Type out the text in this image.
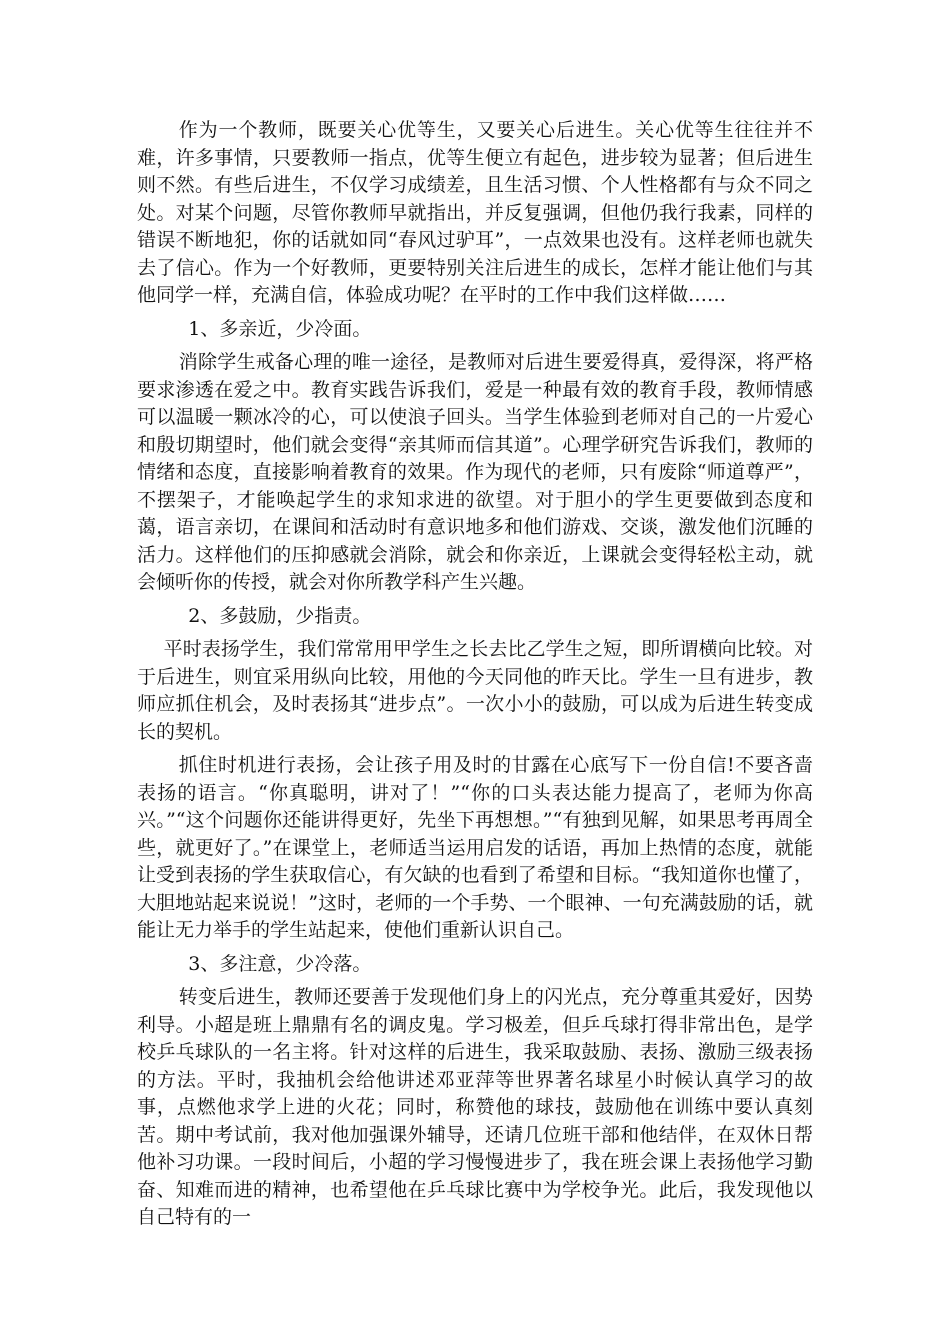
作为一个教师，既要关心优等生，又要关心后进生。关心优等生往往并不难，许多事情，只要教师一指点，优等生便立有起色，进步较为显著；但后进生则不然。有些后进生，不仅学习成绩差，且生活习惯、个人性格都有与众不同之处。对某个问题，尽管你教师早就指出，并反复强调，但他仍我行我素，同样的错误不断地犯，你的话就如同“春风过驴耳”，一点效果也没有。这样老师也就失去了信心。作为一个好教师，更要特别关注后进生的成长，怎样才能让他们与其他同学一样，充满自信，体验成功呢？在平时的工作中我们这样做……

1、多亲近，少冷面。

消除学生戒备心理的唯一途径，是教师对后进生要爱得真，爱得深，将严格要求渗透在爱之中。教育实践告诉我们，爱是一种最有效的教育手段，教师情感可以温暖一颗冰冷的心，可以使浪子回头。当学生体验到老师对自己的一片爱心和殷切期望时，他们就会变得“亲其师而信其道”。心理学研究告诉我们，教师的情绪和态度，直接影响着教育的效果。作为现代的老师，只有废除“师道尊严”，不摆架子，才能唤起学生的求知求进的欲望。对于胆小的学生更要做到态度和蔼，语言亲切，在课间和活动时有意识地多和他们游戏、交谈，激发他们沉睡的活力。这样他们的压抑感就会消除，就会和你亲近，上课就会变得轻松主动，就会倾听你的传授，就会对你所教学科产生兴趣。

2、多鼓励，少指责。

平时表扬学生，我们常常用甲学生之长去比乙学生之短，即所谓横向比较。对于后进生，则宜采用纵向比较，用他的今天同他的昨天比。学生一旦有进步，教师应抓住机会，及时表扬其“进步点”。一次小小的鼓励，可以成为后进生转变成长的契机。

抓住时机进行表扬，会让孩子用及时的甘露在心底写下一份自信!不要吝啬表扬的语言。“你真聪明，讲对了！”“你的口头表达能力提高了，老师为你高兴。”“这个问题你还能讲得更好，先坐下再想想。”“有独到见解，如果思考再周全些，就更好了。”在课堂上，老师适当运用启发的话语，再加上热情的态度，就能让受到表扬的学生获取信心，有欠缺的也看到了希望和目标。“我知道你也懂了，大胆地站起来说说！”这时，老师的一个手势、一个眼神、一句充满鼓励的话，就能让无力举手的学生站起来，使他们重新认识自己。

3、多注意，少冷落。

转变后进生，教师还要善于发现他们身上的闪光点，充分尊重其爱好，因势利导。小超是班上鼎鼎有名的调皮鬼。学习极差，但乒乓球打得非常出色，是学校乒乓球队的一名主将。针对这样的后进生，我采取鼓励、表扬、激励三级表扬的方法。平时，我抽机会给他讲述邓亚萍等世界著名球星小时候认真学习的故事，点燃他求学上进的火花；同时，称赞他的球技，鼓励他在训练中要认真刻苦。期中考试前，我对他加强课外辅导，还请几位班干部和他结伴，在双休日帮他补习功课。一段时间后，小超的学习慢慢进步了，我在班会课上表扬他学习勤奋、知难而进的精神，也希望他在乒乓球比赛中为学校争光。此后，我发现他以自己特有的一
